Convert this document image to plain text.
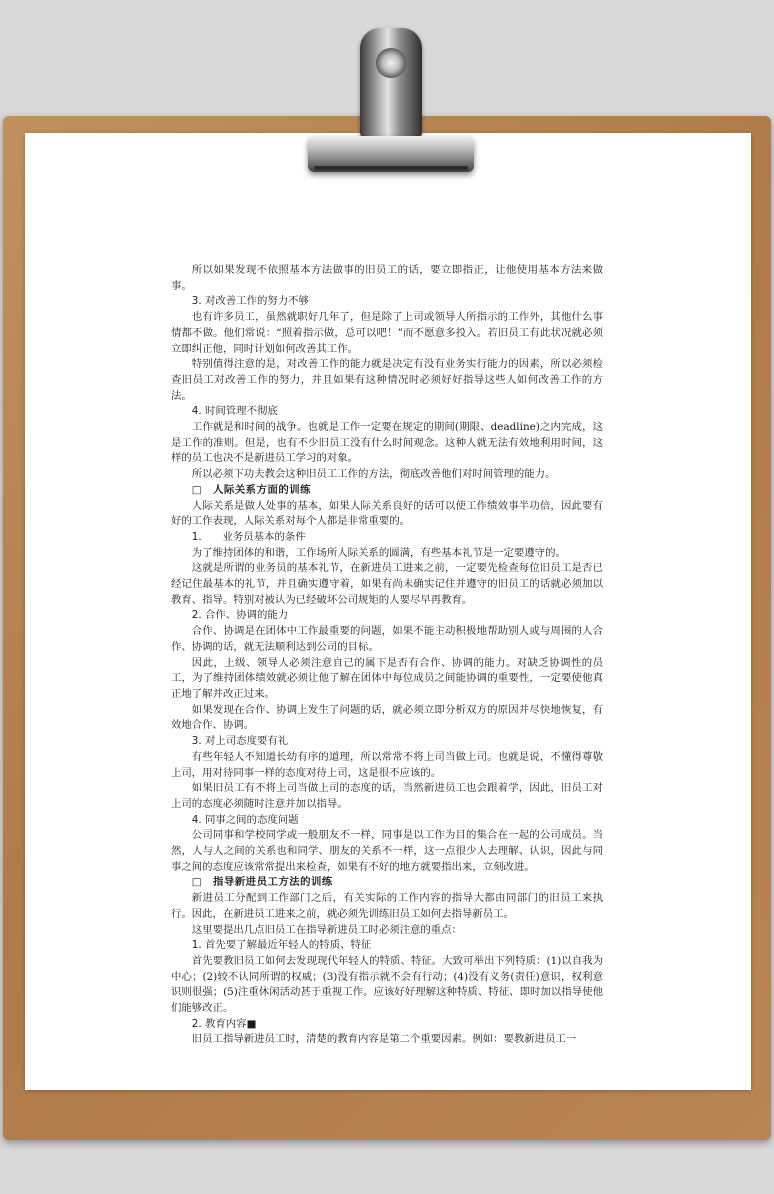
所以如果发现不依照基本方法做事的旧员工的话，要立即指正，让他使用基本方法来做事。

3. 对改善工作的努力不够

也有许多员工，虽然就职好几年了，但是除了上司或领导人所指示的工作外，其他什么事情都不做。他们常说：“照着指示做，总可以吧！”而不愿意多投入。若旧员工有此状况就必须立即纠正他，同时计划如何改善其工作。

特别值得注意的是，对改善工作的能力就是决定有没有业务实行能力的因素，所以必须检查旧员工对改善工作的努力，并且如果有这种情况时必须好好指导这些人如何改善工作的方法。

4. 时间管理不彻底

工作就是和时间的战争。也就是工作一定要在规定的期间(期限、deadline)之内完成，这是工作的准则。但是，也有不少旧员工没有什么时间观念。这种人就无法有效地利用时间，这样的员工也决不是新进员工学习的对象。

所以必须下功夫教会这种旧员工工作的方法，彻底改善他们对时间管理的能力。

□　人际关系方面的训练

人际关系是做人处事的基本，如果人际关系良好的话可以使工作绩效事半功倍，因此要有好的工作表现，人际关系对每个人都是非常重要的。

1.　　业务员基本的条件

为了维持团体的和谐，工作场所人际关系的圆满，有些基本礼节是一定要遵守的。

这就是所谓的业务员的基本礼节，在新进员工进来之前，一定要先检查每位旧员工是否已经记住最基本的礼节，并且确实遵守着，如果有尚未确实记住并遵守的旧员工的话就必须加以教育、指导。特别对被认为已经破坏公司规矩的人要尽早再教育。

2. 合作、协调的能力

合作、协调是在团体中工作最重要的问题，如果不能主动积极地帮助别人或与周围的人合作、协调的话，就无法顺利达到公司的目标。

因此，上级、领导人必须注意自己的属下是否有合作、协调的能力。对缺乏协调性的员工，为了维持团体绩效就必须让他了解在团体中每位成员之间能协调的重要性，一定要使他真正地了解并改正过来。

如果发现在合作、协调上发生了问题的话，就必须立即分析双方的原因并尽快地恢复，有效地合作、协调。

3. 对上司态度要有礼

有些年轻人不知道长幼有序的道理，所以常常不将上司当做上司。也就是说，不懂得尊敬上司，用对待同事一样的态度对待上司，这是很不应该的。

如果旧员工有不将上司当做上司的态度的话，当然新进员工也会跟着学，因此，旧员工对上司的态度必须随时注意并加以指导。

4. 同事之间的态度问题

公司同事和学校同学或一般朋友不一样，同事是以工作为目的集合在一起的公司成员。当然，人与人之间的关系也和同学、朋友的关系不一样，这一点很少人去理解、认识，因此与同事之间的态度应该常常提出来检查，如果有不好的地方就要指出来，立刻改进。

□　指导新进员工方法的训练

新进员工分配到工作部门之后，有关实际的工作内容的指导大都由同部门的旧员工来执行。因此，在新进员工进来之前，就必须先训练旧员工如何去指导新员工。

这里要提出几点旧员工在指导新进员工时必须注意的重点：

1. 首先要了解最近年轻人的特质、特征

首先要教旧员工如何去发现现代年轻人的特质、特征。大致可举出下列特质：(1)以自我为中心；(2)较不认同所谓的权威；(3)没有指示就不会有行动；(4)没有义务(责任)意识，权利意识则很强；(5)注重休闲活动甚于重视工作。应该好好理解这种特质、特征、即时加以指导使他们能够改正。

2. 教育内容■

旧员工指导新进员工时，清楚的教育内容是第二个重要因素。例如：要教新进员工一
